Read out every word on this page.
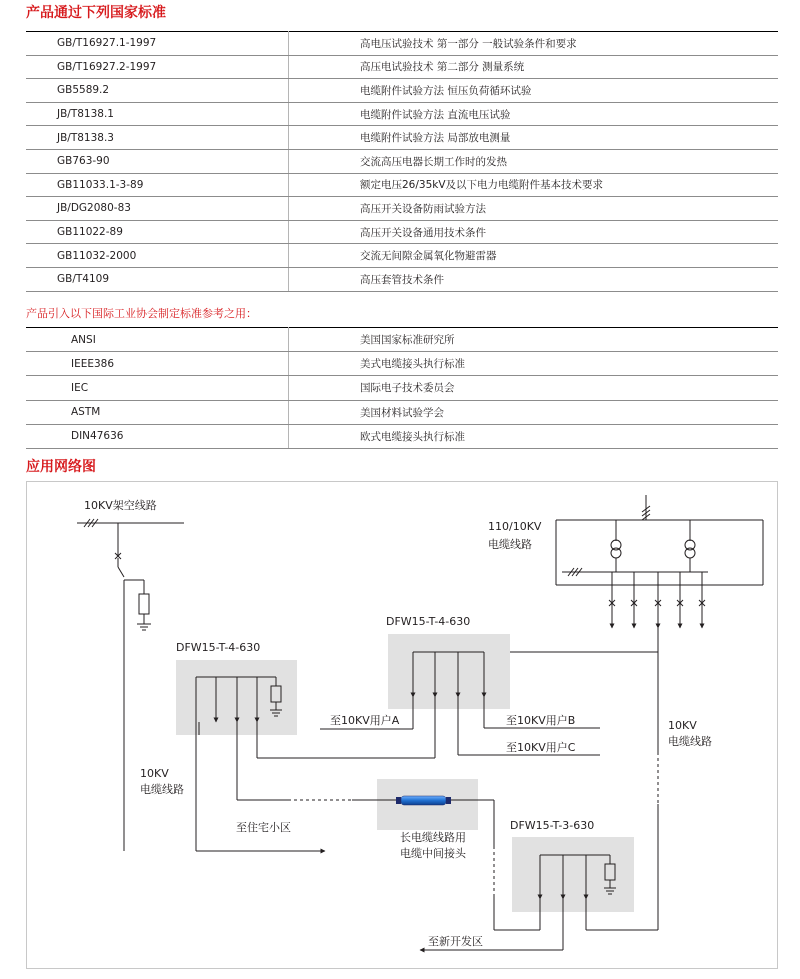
产品通过下列国家标准
GB/T16927.1-1997	高电压试验技术 第一部分 一般试验条件和要求
GB/T16927.2-1997	高压电试验技术 第二部分 测量系统
GB5589.2	电缆附件试验方法 恒压负荷循环试验
JB/T8138.1	电缆附件试验方法 直流电压试验
JB/T8138.3	电缆附件试验方法 局部放电测量
GB763-90	交流高压电器长期工作时的发热
GB11033.1-3-89	额定电压26/35kV及以下电力电缆附件基本技术要求
JB/DG2080-83	高压开关设备防雨试验方法
GB11022-89	高压开关设备通用技术条件
GB11032-2000	交流无间隙金属氧化物避雷器
GB/T4109	高压套管技术条件
产品引入以下国际工业协会制定标准参考之用：
ANSI	美国国家标准研究所
IEEE386	美式电缆接头执行标准
IEC	国际电子技术委员会
ASTM	美国材料试验学会
DIN47636	欧式电缆接头执行标准
应用网络图
10KV架空线路
110/10KV
电缆线路
DFW15-T-4-630
DFW15-T-4-630
DFW15-T-3-630
至10KV用户A	至10KV用户B
至10KV用户C
10KV
电缆线路
10KV
电缆线路
至住宅小区
长电缆线路用
电缆中间接头
至新开发区
